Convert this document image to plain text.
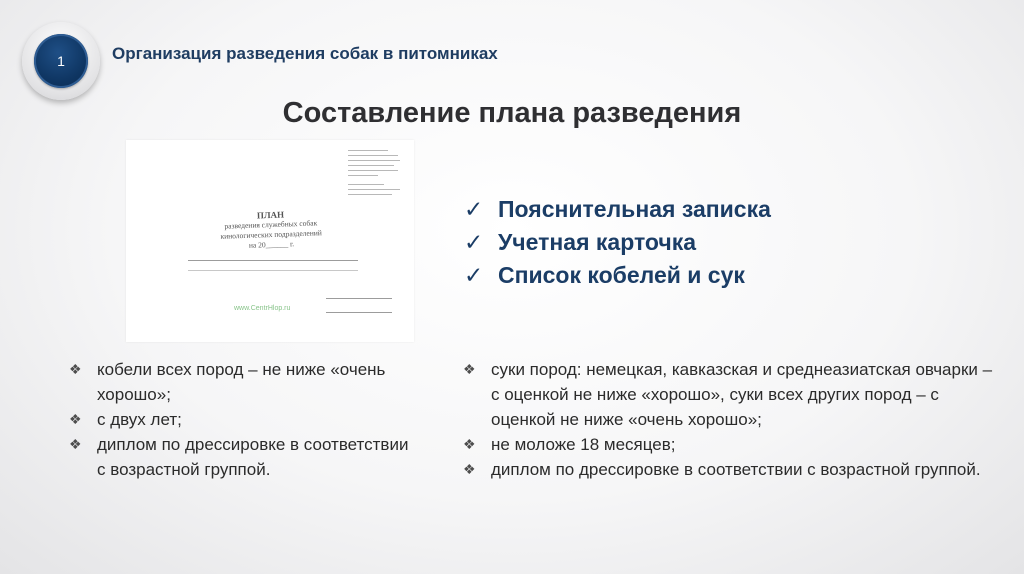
1	Организация разведения собак в питомниках
Составление плана разведения
ПЛАН
разведения служебных собак
кинологических подразделений
на 20______ г.
www.CentrHlop.ru
✓ Пояснительная записка
✓ Учетная карточка
✓ Список кобелей и сук
❖ кобели всех пород – не ниже «очень хорошо»;
❖ с двух лет;
❖ диплом по дрессировке в соответствии с возрастной группой.
❖ суки пород: немецкая, кавказская и среднеазиатская овчарки – с оценкой не ниже «хорошо», суки всех других пород – с оценкой не ниже «очень хорошо»;
❖ не моложе 18 месяцев;
❖ диплом по дрессировке в соответствии с возрастной группой.
